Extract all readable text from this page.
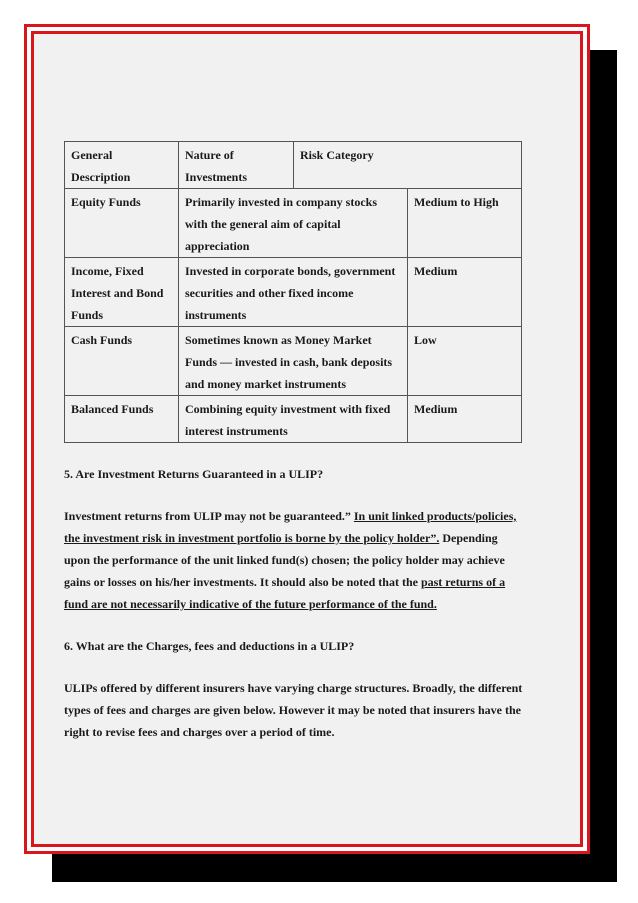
General Description	Nature of Investments	Risk Category	
Equity Funds	Primarily invested in company stocks with the general aim of capital appreciation		Medium to High
Income, Fixed Interest and Bond Funds	Invested in corporate bonds, government securities and other fixed income instruments		Medium
Cash Funds	Sometimes known as Money Market Funds — invested in cash, bank deposits and money market instruments		Low
Balanced Funds	Combining equity investment with fixed interest instruments		Medium
5. Are Investment Returns Guaranteed in a ULIP?

Investment returns from ULIP may not be guaranteed.” In unit linked products/policies, the investment risk in investment portfolio is borne by the policy holder”. Depending upon the performance of the unit linked fund(s) chosen; the policy holder may achieve gains or losses on his/her investments. It should also be noted that the past returns of a fund are not necessarily indicative of the future performance of the fund.

6. What are the Charges, fees and deductions in a ULIP?

ULIPs offered by different insurers have varying charge structures. Broadly, the different types of fees and charges are given below. However it may be noted that insurers have the right to revise fees and charges over a period of time.
